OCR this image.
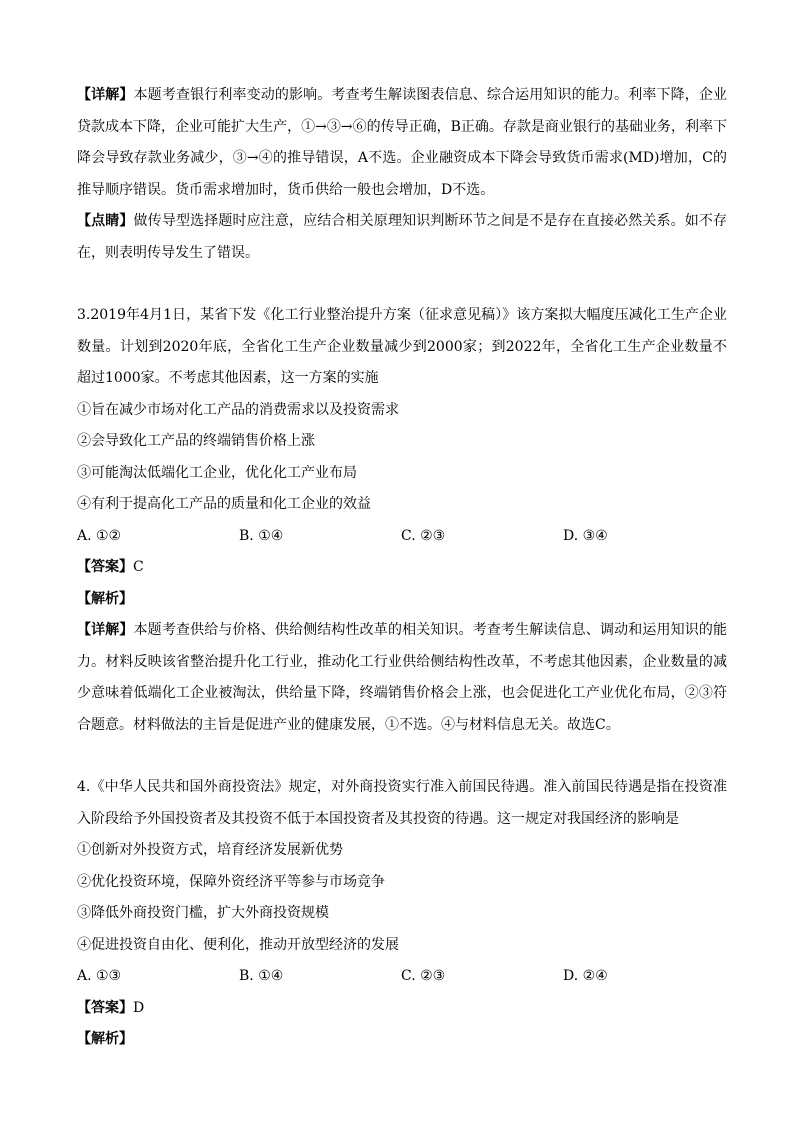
【详解】本题考查银行利率变动的影响。考查考生解读图表信息、综合运用知识的能力。利率下降，企业贷款成本下降，企业可能扩大生产，①→③→⑥的传导正确，B正确。存款是商业银行的基础业务，利率下降会导致存款业务减少，③→④的推导错误，A不选。企业融资成本下降会导致货币需求(MD)增加，C的推导顺序错误。货币需求增加时，货币供给一般也会增加，D不选。

【点睛】做传导型选择题时应注意，应结合相关原理知识判断环节之间是不是存在直接必然关系。如不存在，则表明传导发生了错误。

3.2019年4月1日，某省下发《化工行业整治提升方案（征求意见稿）》该方案拟大幅度压减化工生产企业数量。计划到2020年底，全省化工生产企业数量减少到2000家；到2022年，全省化工生产企业数量不超过1000家。不考虑其他因素，这一方案的实施

①旨在减少市场对化工产品的消费需求以及投资需求

②会导致化工产品的终端销售价格上涨

③可能淘汰低端化工企业，优化化工产业布局

④有利于提高化工产品的质量和化工企业的效益

A. ①②	B. ①④	C. ②③	D. ③④

【答案】C

【解析】

【详解】本题考查供给与价格、供给侧结构性改革的相关知识。考查考生解读信息、调动和运用知识的能力。材料反映该省整治提升化工行业，推动化工行业供给侧结构性改革，不考虑其他因素，企业数量的减少意味着低端化工企业被淘汰，供给量下降，终端销售价格会上涨，也会促进化工产业优化布局，②③符合题意。材料做法的主旨是促进产业的健康发展，①不选。④与材料信息无关。故选C。

4.《中华人民共和国外商投资法》规定，对外商投资实行准入前国民待遇。准入前国民待遇是指在投资准入阶段给予外国投资者及其投资不低于本国投资者及其投资的待遇。这一规定对我国经济的影响是

①创新对外投资方式，培育经济发展新优势

②优化投资环境，保障外资经济平等参与市场竞争

③降低外商投资门槛，扩大外商投资规模

④促进投资自由化、便利化，推动开放型经济的发展

A. ①③	B. ①④	C. ②③	D. ②④

【答案】D

【解析】
